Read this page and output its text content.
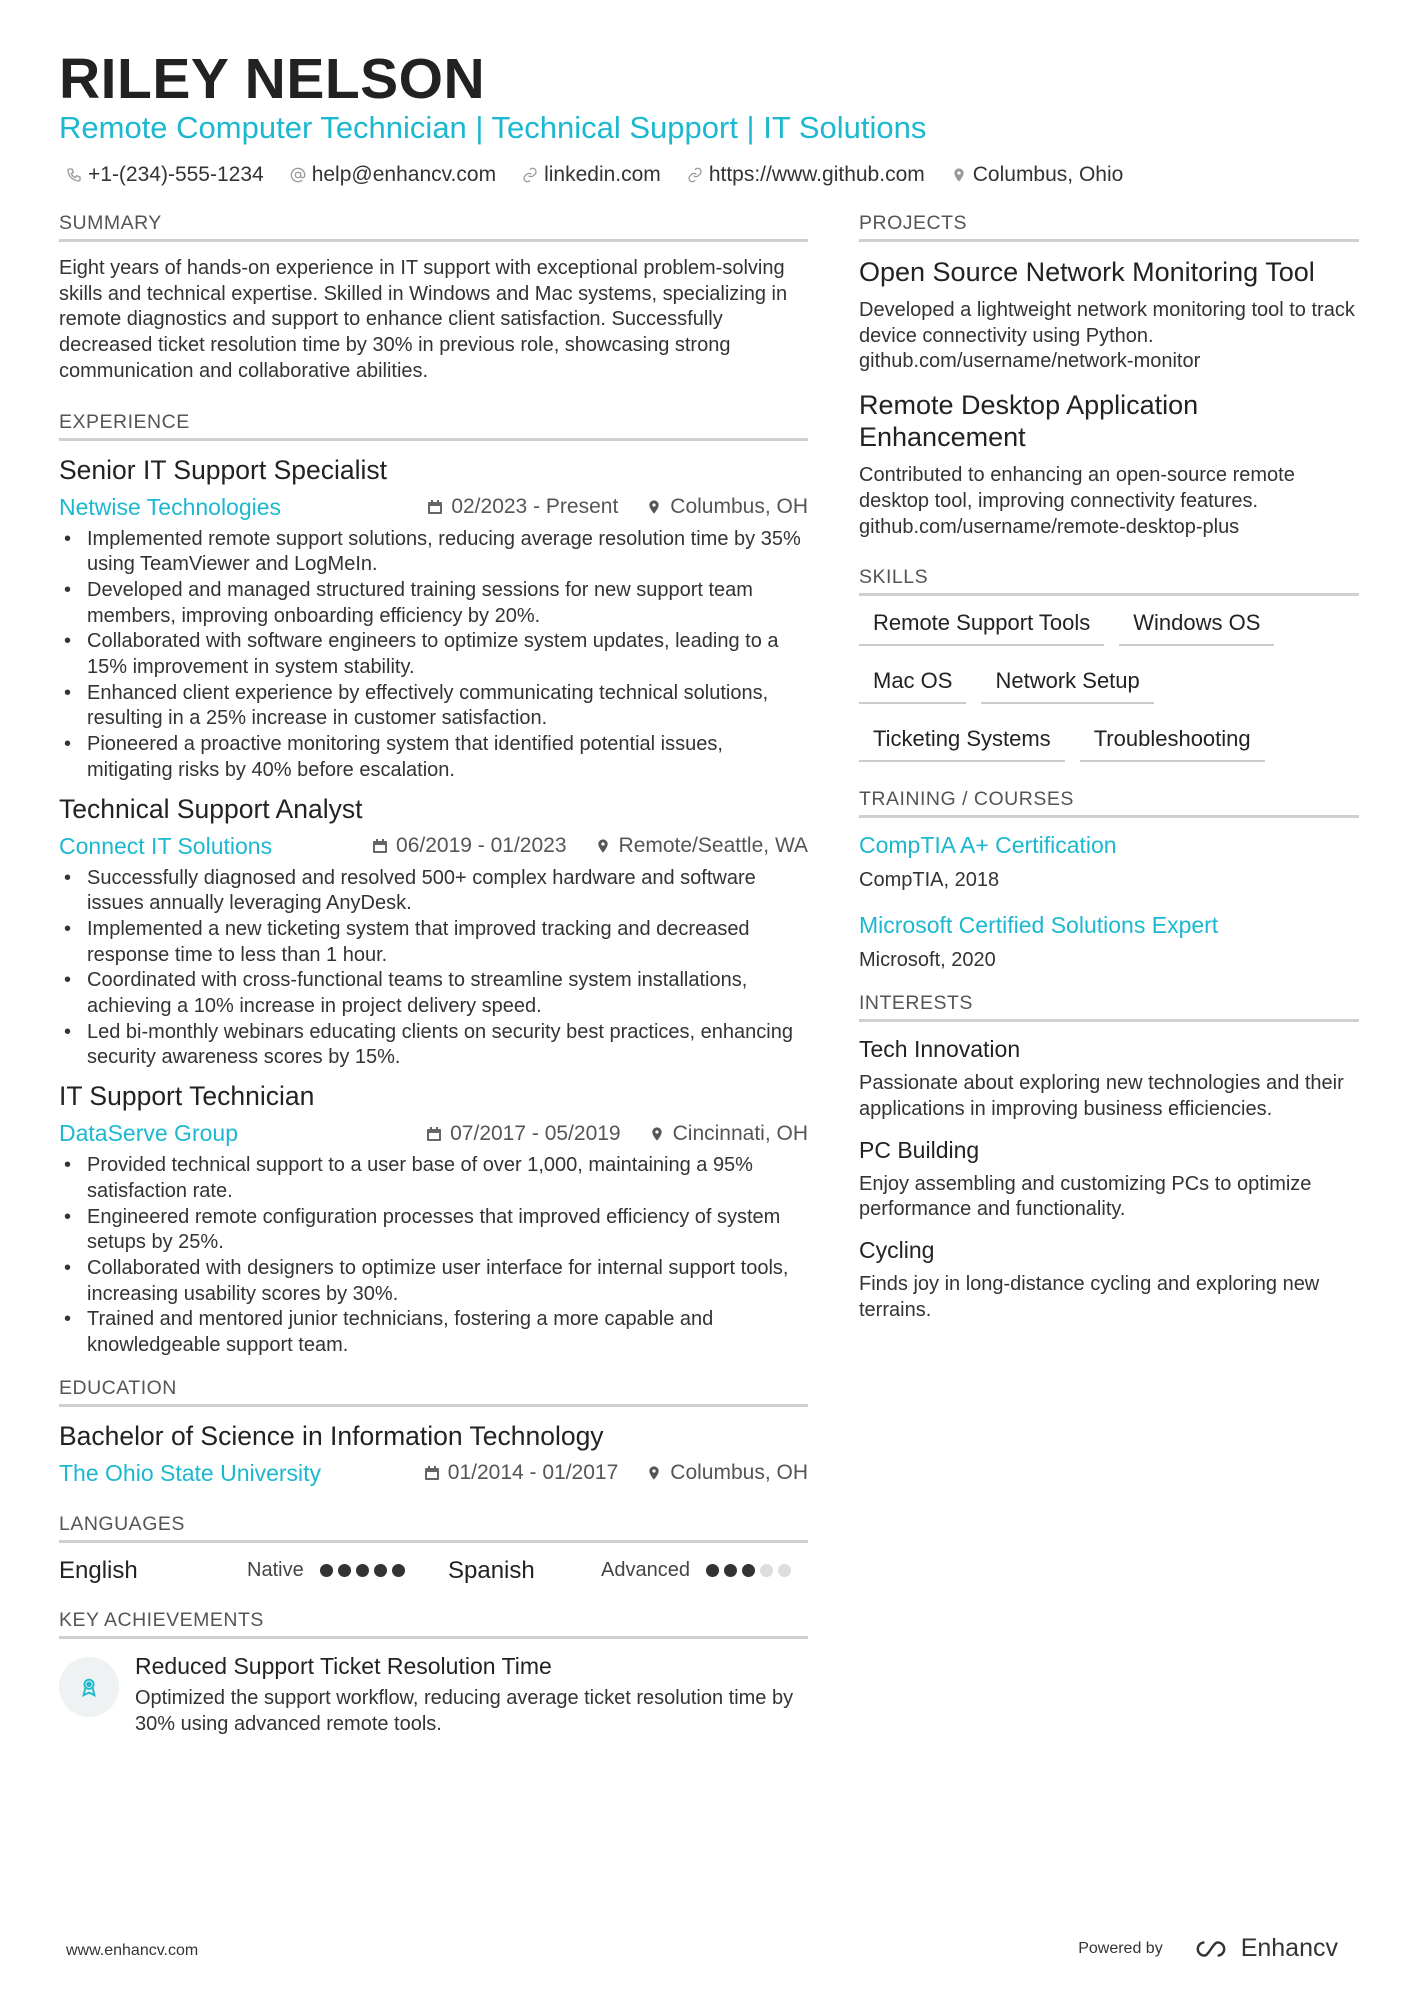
RILEY NELSON
Remote Computer Technician | Technical Support | IT Solutions
+1-(234)-555-1234 help@enhancv.com linkedin.com https://www.github.com Columbus, Ohio
SUMMARY

Eight years of hands-on experience in IT support with exceptional problem-solving skills and technical expertise. Skilled in Windows and Mac systems, specializing in remote diagnostics and support to enhance client satisfaction. Successfully decreased ticket resolution time by 30% in previous role, showcasing strong communication and collaborative abilities.

EXPERIENCE
Senior IT Support Specialist
Netwise Technologies	02/2023 - Present Columbus, OH
• Implemented remote support solutions, reducing average resolution time by 35% using TeamViewer and LogMeIn.
• Developed and managed structured training sessions for new support team members, improving onboarding efficiency by 20%.
• Collaborated with software engineers to optimize system updates, leading to a 15% improvement in system stability.
• Enhanced client experience by effectively communicating technical solutions, resulting in a 25% increase in customer satisfaction.
• Pioneered a proactive monitoring system that identified potential issues, mitigating risks by 40% before escalation.
Technical Support Analyst
Connect IT Solutions	06/2019 - 01/2023 Remote/Seattle, WA
• Successfully diagnosed and resolved 500+ complex hardware and software issues annually leveraging AnyDesk.
• Implemented a new ticketing system that improved tracking and decreased response time to less than 1 hour.
• Coordinated with cross-functional teams to streamline system installations, achieving a 10% increase in project delivery speed.
• Led bi-monthly webinars educating clients on security best practices, enhancing security awareness scores by 15%.
IT Support Technician
DataServe Group	07/2017 - 05/2019 Cincinnati, OH
• Provided technical support to a user base of over 1,000, maintaining a 95% satisfaction rate.
• Engineered remote configuration processes that improved efficiency of system setups by 25%.
• Collaborated with designers to optimize user interface for internal support tools, increasing usability scores by 30%.
• Trained and mentored junior technicians, fostering a more capable and knowledgeable support team.
EDUCATION
Bachelor of Science in Information Technology
The Ohio State University	01/2014 - 01/2017 Columbus, OH
LANGUAGES
English	Native	Spanish	Advanced
KEY ACHIEVEMENTS
Reduced Support Ticket Resolution Time

Optimized the support workflow, reducing average ticket resolution time by 30% using advanced remote tools.

PROJECTS
Open Source Network Monitoring Tool

Developed a lightweight network monitoring tool to track device connectivity using Python. github.com/username/network-monitor

Remote Desktop Application Enhancement

Contributed to enhancing an open-source remote desktop tool, improving connectivity features. github.com/username/remote-desktop-plus

SKILLS
Remote Support Tools	Windows OS
Mac OS	Network Setup
Ticketing Systems	Troubleshooting
TRAINING / COURSES
CompTIA A+ Certification
CompTIA, 2018
Microsoft Certified Solutions Expert
Microsoft, 2020
INTERESTS
Tech Innovation

Passionate about exploring new technologies and their applications in improving business efficiencies.

PC Building

Enjoy assembling and customizing PCs to optimize performance and functionality.

Cycling

Finds joy in long-distance cycling and exploring new terrains.

www.enhancv.com	Powered by	Enhancv
